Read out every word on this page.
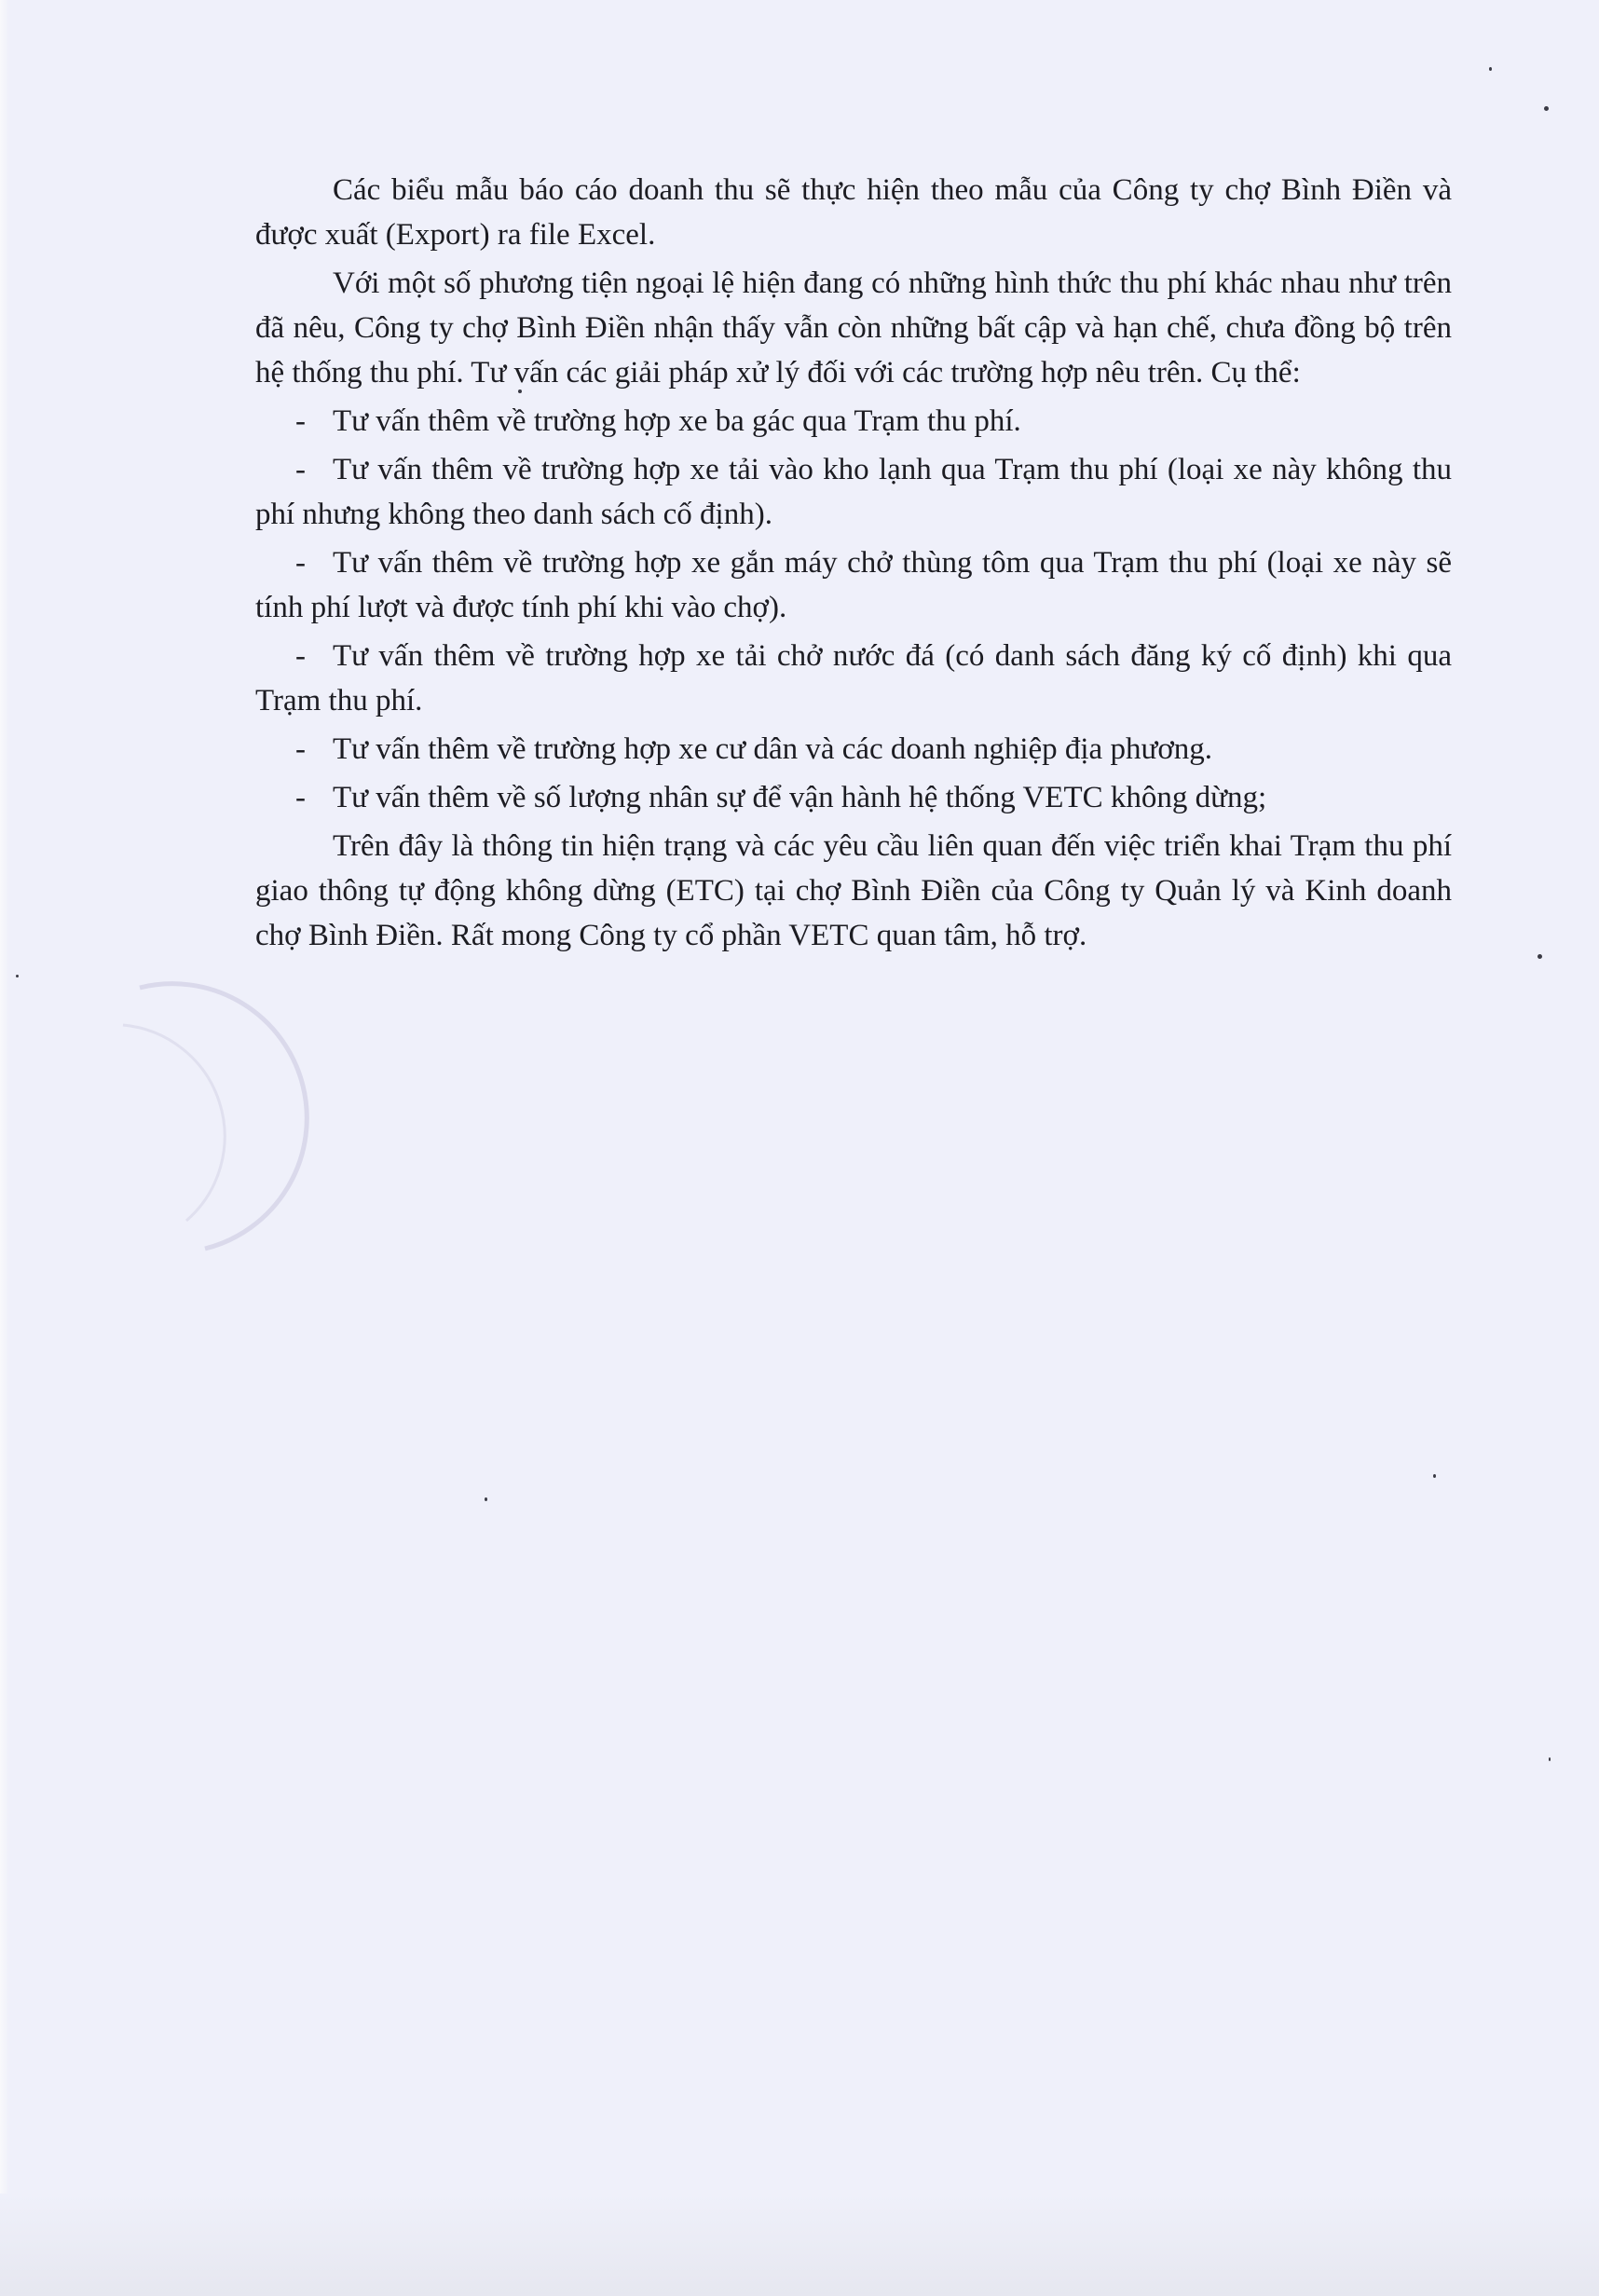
Các biểu mẫu báo cáo doanh thu sẽ thực hiện theo mẫu của Công ty chợ Bình Điền và được xuất (Export) ra file Excel.

Với một số phương tiện ngoại lệ hiện đang có những hình thức thu phí khác nhau như trên đã nêu, Công ty chợ Bình Điền nhận thấy vẫn còn những bất cập và hạn chế, chưa đồng bộ trên hệ thống thu phí. Tư vấn các giải pháp xử lý đối với các trường hợp nêu trên. Cụ thể:

- Tư vấn thêm về trường hợp xe ba gác qua Trạm thu phí.

- Tư vấn thêm về trường hợp xe tải vào kho lạnh qua Trạm thu phí (loại xe này không thu phí nhưng không theo danh sách cố định).

- Tư vấn thêm về trường hợp xe gắn máy chở thùng tôm qua Trạm thu phí (loại xe này sẽ tính phí lượt và được tính phí khi vào chợ).

- Tư vấn thêm về trường hợp xe tải chở nước đá (có danh sách đăng ký cố định) khi qua Trạm thu phí.

- Tư vấn thêm về trường hợp xe cư dân và các doanh nghiệp địa phương.

- Tư vấn thêm về số lượng nhân sự để vận hành hệ thống VETC không dừng;

Trên đây là thông tin hiện trạng và các yêu cầu liên quan đến việc triển khai Trạm thu phí giao thông tự động không dừng (ETC) tại chợ Bình Điền của Công ty Quản lý và Kinh doanh chợ Bình Điền. Rất mong Công ty cổ phần VETC quan tâm, hỗ trợ.
